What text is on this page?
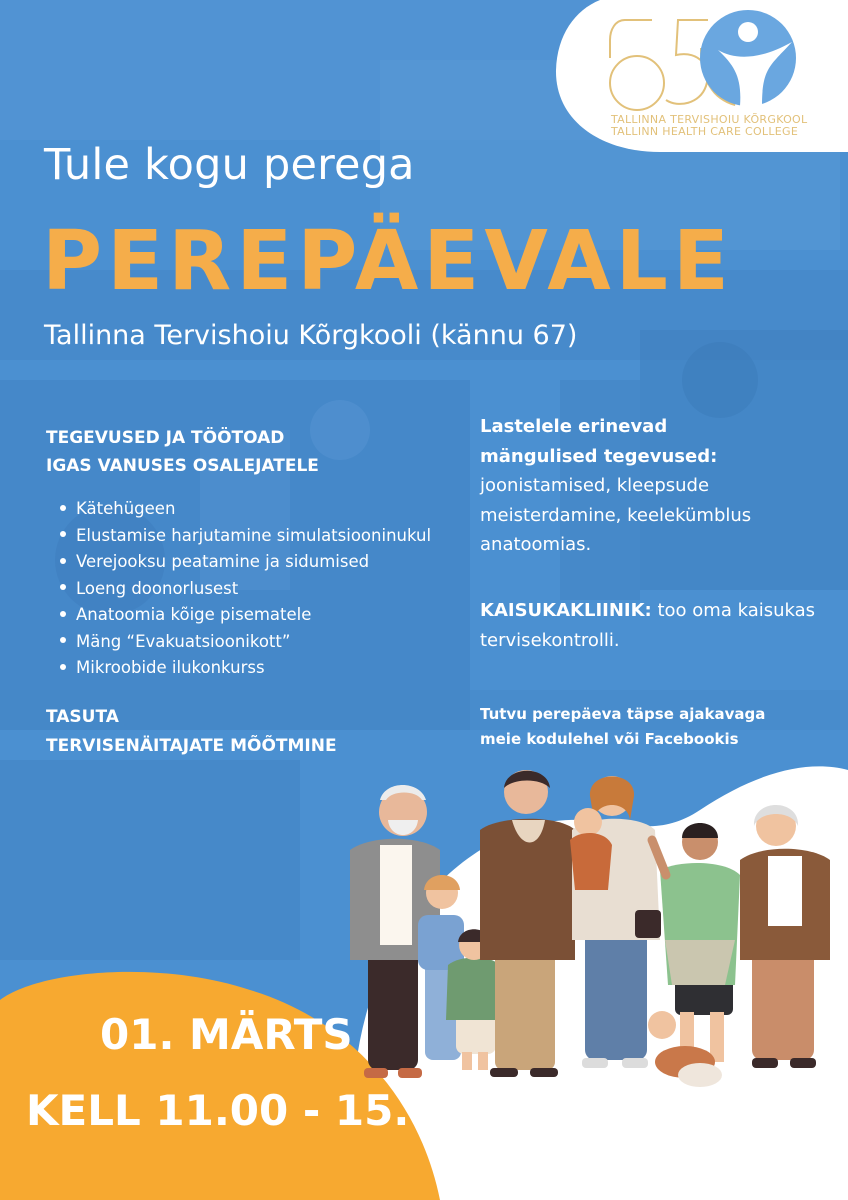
TALLINNA TERVISHOIU KÕRGKOOL
TALLINN HEALTH CARE COLLEGE
Tule kogu perega
PEREPÄEVALE
Tallinna Tervishoiu Kõrgkooli (kännu 67)
TEGEVUSED JA TÖÖTOAD
IGAS VANUSES OSALEJATELE
Kätehügeen
Elustamise harjutamine simulatsiooninukul
Verejooksu peatamine ja sidumised
Loeng doonorlusest
Anatoomia kõige pisematele
Mäng “Evakuatsioonikott”
Mikroobide ilukonkurss
TASUTA
TERVISENÄITAJATE MÕÕTMINE
Lastelele erinevad
mängulised tegevused:
joonistamised, kleepsude
meisterdamine, keelekümblus
anatoomias.
KAISUKAKLIINIK: too oma kaisukas
tervisekontrolli.
Tutvu perepäeva täpse ajakavaga
meie kodulehel või Facebookis
01. MÄRTS
KELL 11.00 - 15.00
